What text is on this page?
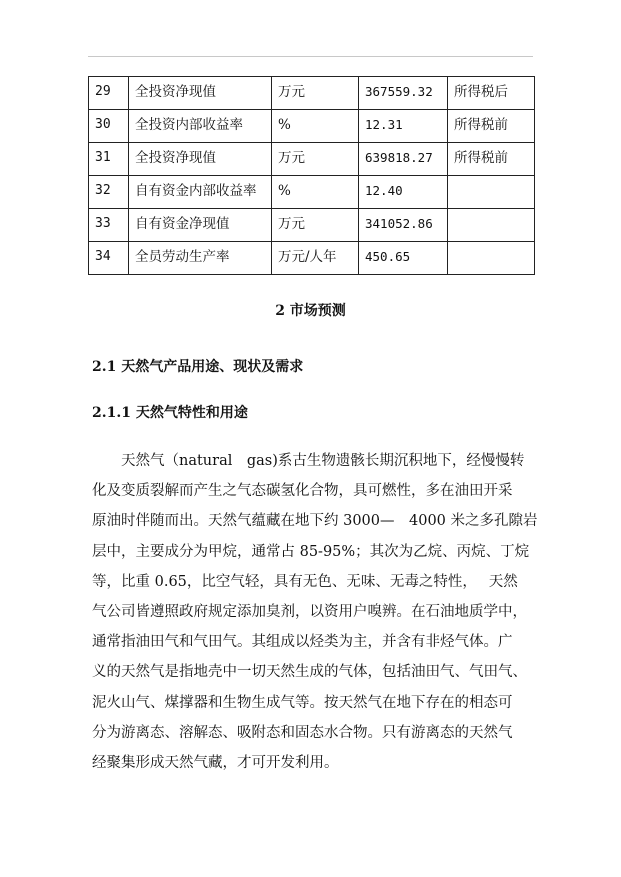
29	全投资净现值	万元	367559.32	所得税后
30	全投资内部收益率	%	12.31	所得税前
31	全投资净现值	万元	639818.27	所得税前
32	自有资金内部收益率	%	12.40	
33	自有资金净现值	万元	341052.86	
34	全员劳动生产率	万元/人年	450.65	
2 市场预测
2.1 天然气产品用途、现状及需求
2.1.1 天然气特性和用途

天然气（natural　gas)系古生物遗骸长期沉积地下，经慢慢转
化及变质裂解而产生之气态碳氢化合物，具可燃性，多在油田开采
原油时伴随而出。天然气蕴藏在地下约 3000—　4000 米之多孔隙岩
层中，主要成分为甲烷，通常占 85-95%；其次为乙烷、丙烷、丁烷
等，比重 0.65，比空气轻，具有无色、无味、无毒之特性，　 天然
气公司皆遵照政府规定添加臭剂，以资用户嗅辨。在石油地质学中，
通常指油田气和气田气。其组成以烃类为主，并含有非烃气体。广
义的天然气是指地壳中一切天然生成的气体，包括油田气、气田气、
泥火山气、煤撑器和生物生成气等。按天然气在地下存在的相态可
分为游离态、溶解态、吸附态和固态水合物。只有游离态的天然气
经聚集形成天然气藏，才可开发利用。
